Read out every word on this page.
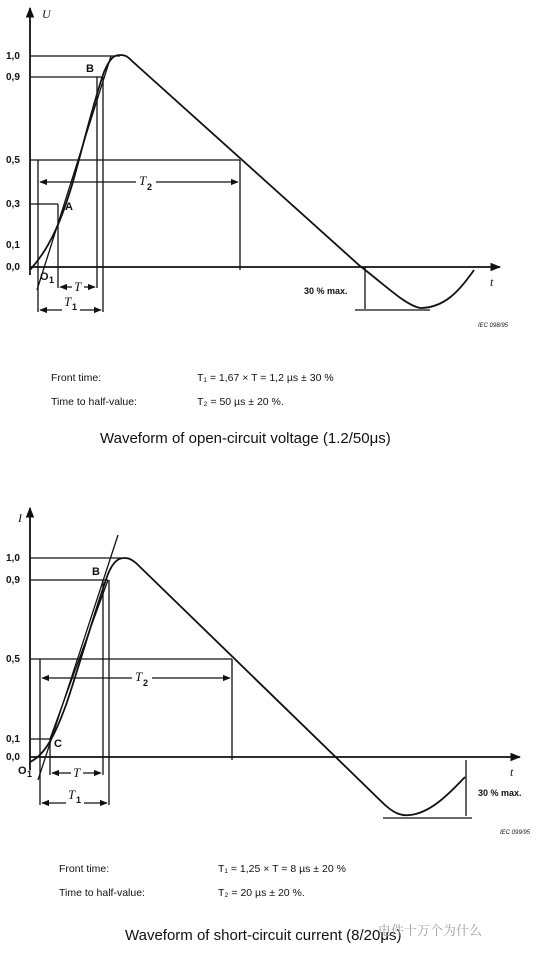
U
t
1,0
0,9
0,5
0,3
0,1
0,0
T 2
T
T 1
B
A
O 1
30 % max.
IEC 098/95
I
t
1,0
0,9
0,5
0,1
0,0
T 2
T
T 1
B
C
O 1
30 % max.
IEC 099/95
Front time:	T₁ = 1,67 × T = 1,2 µs ± 30 %
Time to half-value:	T₂ = 50 µs ± 20 %.
Waveform of open-circuit voltage (1.2/50μs)
Front time:	T₁ = 1,25 × T = 8 µs ± 20 %
Time to half-value:	T₂ = 20 µs ± 20 %.
Waveform of short-circuit current (8/20μs)
电件十万个为什么
